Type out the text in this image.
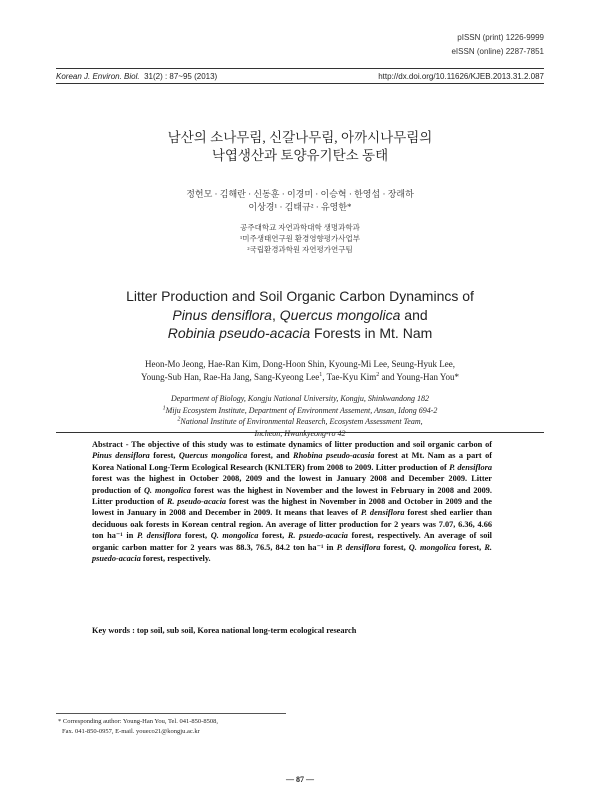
pISSN (print) 1226-9999
eISSN (online) 2287-7851
Korean J. Environ. Biol. 31(2) : 87~95 (2013)	http://dx.doi.org/10.11626/KJEB.2013.31.2.087
남산의 소나무림, 신갈나무림, 아까시나무림의
낙엽생산과 토양유기탄소 동태
정헌모 · 김해란 · 신동훈 · 이경미 · 이승혁 · 한영섭 · 장래하
이상경¹ · 김태규² · 유영한*
공주대학교 자연과학대학 생명과학과
¹미주생태연구원 환경영향평가사업부
²국립환경과학원 자연평가연구팀
Litter Production and Soil Organic Carbon Dynamincs of
Pinus densiflora, Quercus mongolica and
Robinia pseudo-acacia Forests in Mt. Nam
Heon-Mo Jeong, Hae-Ran Kim, Dong-Hoon Shin, Kyoung-Mi Lee, Seung-Hyuk Lee,
Young-Sub Han, Rae-Ha Jang, Sang-Kyeong Lee$^1$, Tae-Kyu Kim$^2$ and Young-Han You*
Department of Biology, Kongju National University, Kongju, Shinkwandong 182
$^1$Miju Ecosystem Institute, Department of Environment Assement, Ansan, Idong 694-2
$^2$National Institute of Environmental Reaserch, Ecosystem Assessment Team,
Incheon, Hwankyeong-ro 42
Abstract - The objective of this study was to estimate dynamics of litter production and soil organic carbon of Pinus densiflora forest, Quercus mongolica forest, and Rhobina pseudo-acasia forest at Mt. Nam as a part of Korea National Long-Term Ecological Research (KNLTER) from 2008 to 2009. Litter production of P. densiflora forest was the highest in October 2008, 2009 and the lowest in January 2008 and December 2009. Litter production of Q. mongolica forest was the highest in November and the lowest in February in 2008 and 2009. Litter production of R. pseudo-acacia forest was the highest in November in 2008 and October in 2009 and the lowest in January in 2008 and December in 2009. It means that leaves of P. densiflora forest shed earlier than deciduous oak forests in Korean central region. An average of litter production for 2 years was 7.07, 6.36, 4.66 ton ha⁻¹ in P. densiflora forest, Q. mongolica forest, R. psuedo-acacia forest, respectively. An average of soil organic carbon matter for 2 years was 88.3, 76.5, 84.2 ton ha⁻¹ in P. densiflora forest, Q. mongolica forest, R. psuedo-acacia forest, respectively.
Key words : top soil, sub soil, Korea national long-term ecological research
* Corresponding author: Young-Han You, Tel. 041-850-8508,
Fax. 041-850-0957, E-mail. youeco21@kongju.ac.kr
— 87 —
